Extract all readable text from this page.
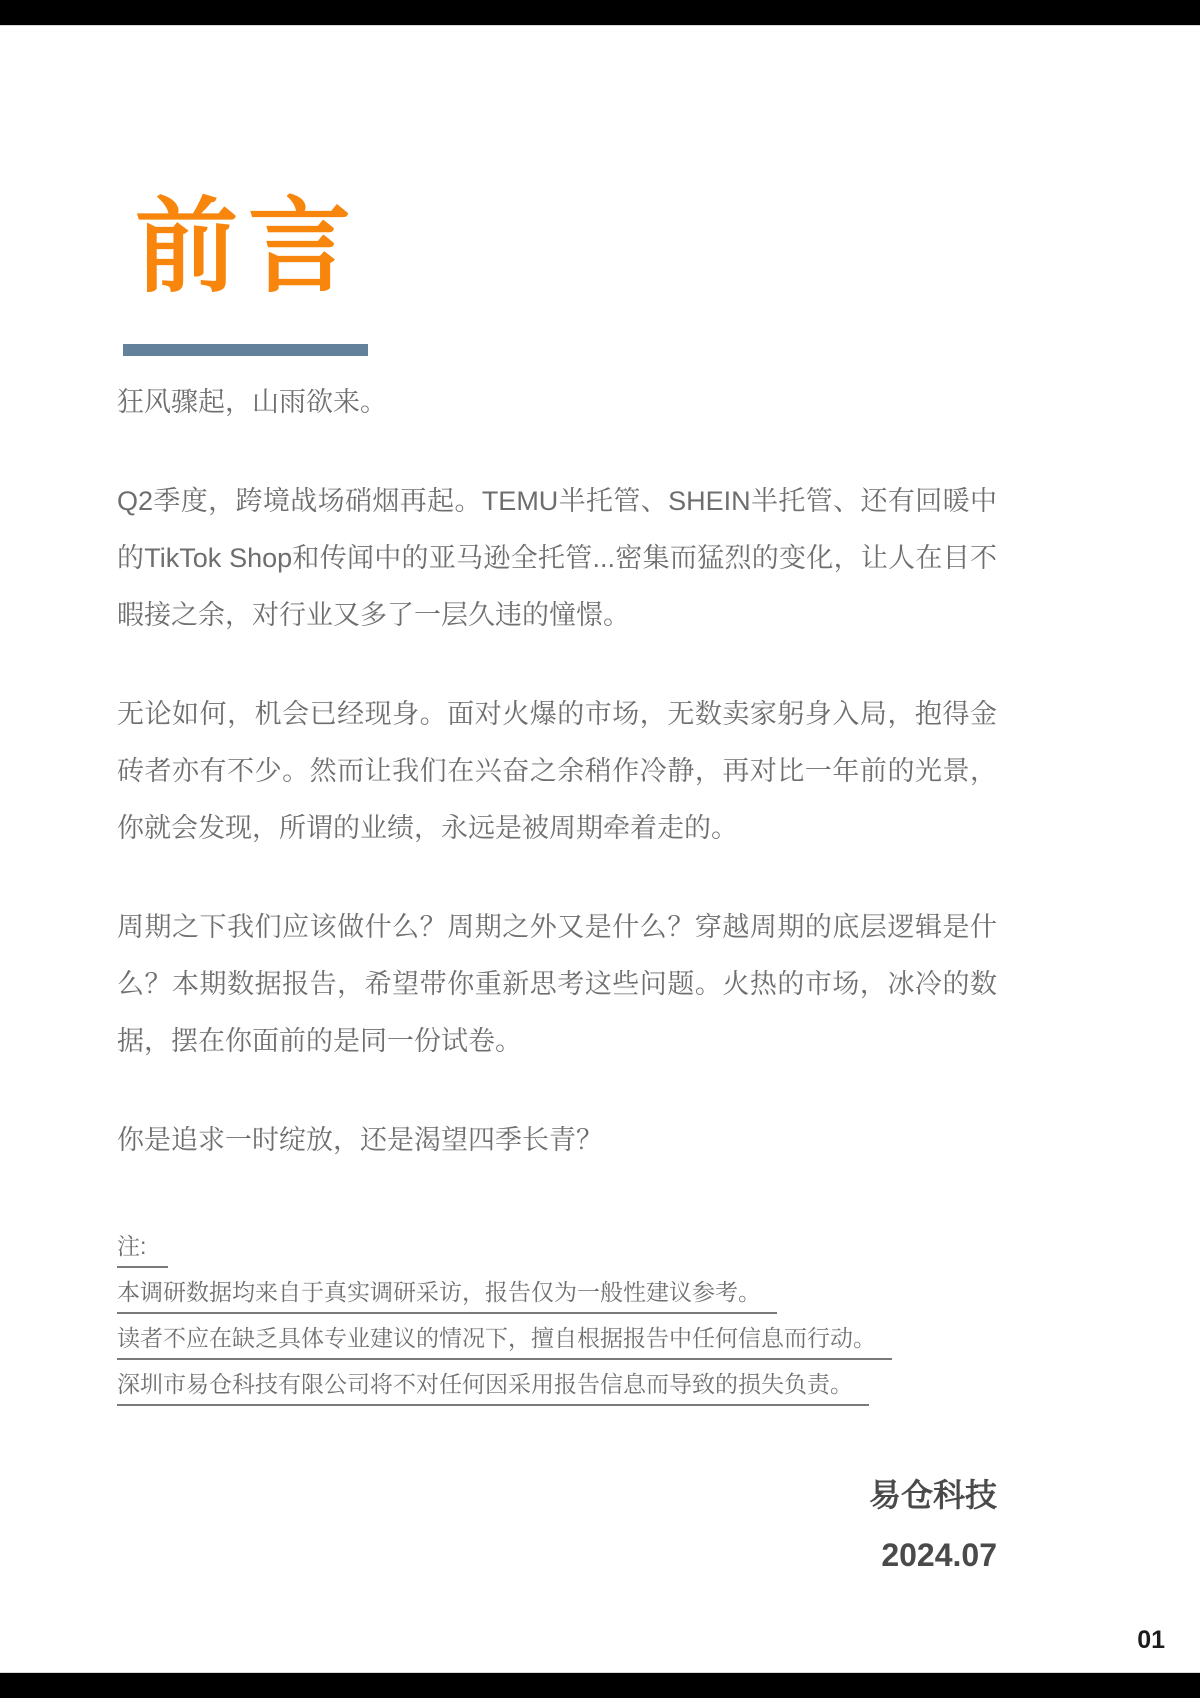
前言

狂风骤起，山雨欲来。

Q2季度，跨境战场硝烟再起。TEMU半托管、SHEIN半托管、还有回暖中的TikTok Shop和传闻中的亚马逊全托管...密集而猛烈的变化，让人在目不暇接之余，对行业又多了一层久违的憧憬。

无论如何，机会已经现身。面对火爆的市场，无数卖家躬身入局，抱得金砖者亦有不少。然而让我们在兴奋之余稍作冷静，再对比一年前的光景，你就会发现，所谓的业绩，永远是被周期牵着走的。

周期之下我们应该做什么？周期之外又是什么？穿越周期的底层逻辑是什么？本期数据报告，希望带你重新思考这些问题。火热的市场，冰冷的数据，摆在你面前的是同一份试卷。

你是追求一时绽放，还是渴望四季长青？

注:
本调研数据均来自于真实调研采访，报告仅为一般性建议参考。
读者不应在缺乏具体专业建议的情况下，擅自根据报告中任何信息而行动。
深圳市易仓科技有限公司将不对任何因采用报告信息而导致的损失负责。
易仓科技
2024.07
01
